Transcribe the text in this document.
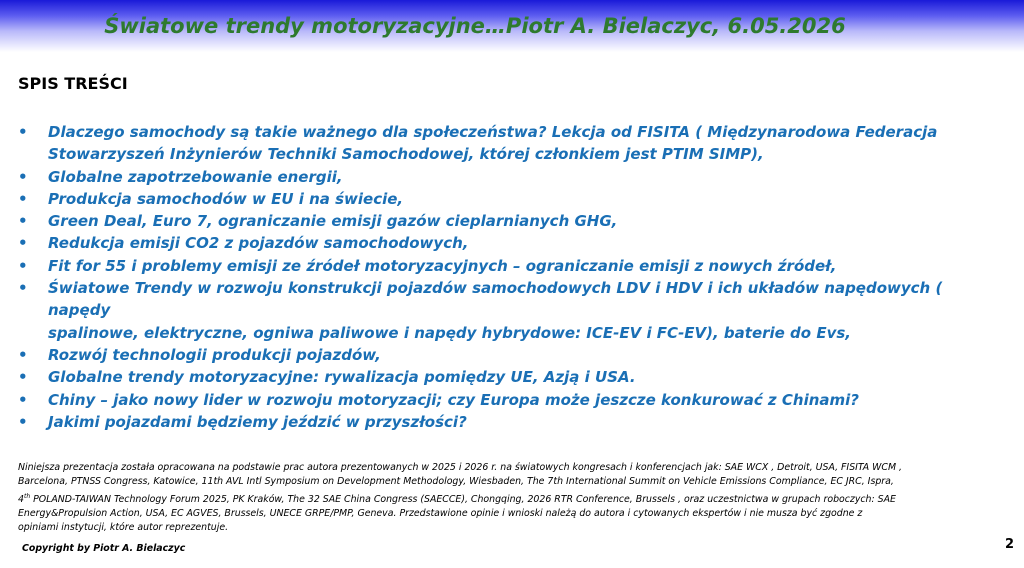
Światowe trendy motoryzacyjne…Piotr A. Bielaczyc, 6.05.2026
SPIS TREŚCI
• Dlaczego samochody są takie ważnego dla społeczeństwa? Lekcja od FISITA ( Międzynarodowa Federacja
Stowarzyszeń Inżynierów Techniki Samochodowej, której członkiem jest PTIM SIMP),
• Globalne zapotrzebowanie energii,
• Produkcja samochodów w EU i na świecie,
• Green Deal, Euro 7, ograniczanie emisji gazów cieplarnianych GHG,
• Redukcja emisji CO2 z pojazdów samochodowych,
• Fit for 55 i problemy emisji ze źródeł motoryzacyjnych – ograniczanie emisji z nowych źródeł,
• Światowe Trendy w rozwoju konstrukcji pojazdów samochodowych LDV i HDV i ich układów napędowych ( napędy
spalinowe, elektryczne, ogniwa paliwowe i napędy hybrydowe: ICE-EV i FC-EV), baterie do Evs,
• Rozwój technologii produkcji pojazdów,
• Globalne trendy motoryzacyjne: rywalizacja pomiędzy UE, Azją i USA.
• Chiny – jako nowy lider w rozwoju motoryzacji; czy Europa może jeszcze konkurować z Chinami?
• Jakimi pojazdami będziemy jeździć w przyszłości?
Niniejsza prezentacja została opracowana na podstawie prac autora prezentowanych w 2025 i 2026 r. na światowych kongresach i konferencjach jak: SAE WCX , Detroit, USA, FISITA WCM ,
Barcelona, PTNSS Congress, Katowice, 11th AVL Intl Symposium on Development Methodology, Wiesbaden, The 7th International Summit on Vehicle Emissions Compliance, EC JRC, Ispra,
4th POLAND-TAIWAN Technology Forum 2025, PK Kraków, The 32 SAE China Congress (SAECCE), Chongqing, 2026 RTR Conference, Brussels , oraz uczestnictwa w grupach roboczych: SAE
Energy&Propulsion Action, USA, EC AGVES, Brussels, UNECE GRPE/PMP, Geneva. Przedstawione opinie i wnioski należą do autora i cytowanych ekspertów i nie musza być zgodne z
opiniami instytucji, które autor reprezentuje.
Copyright by Piotr A. Bielaczyc	2
